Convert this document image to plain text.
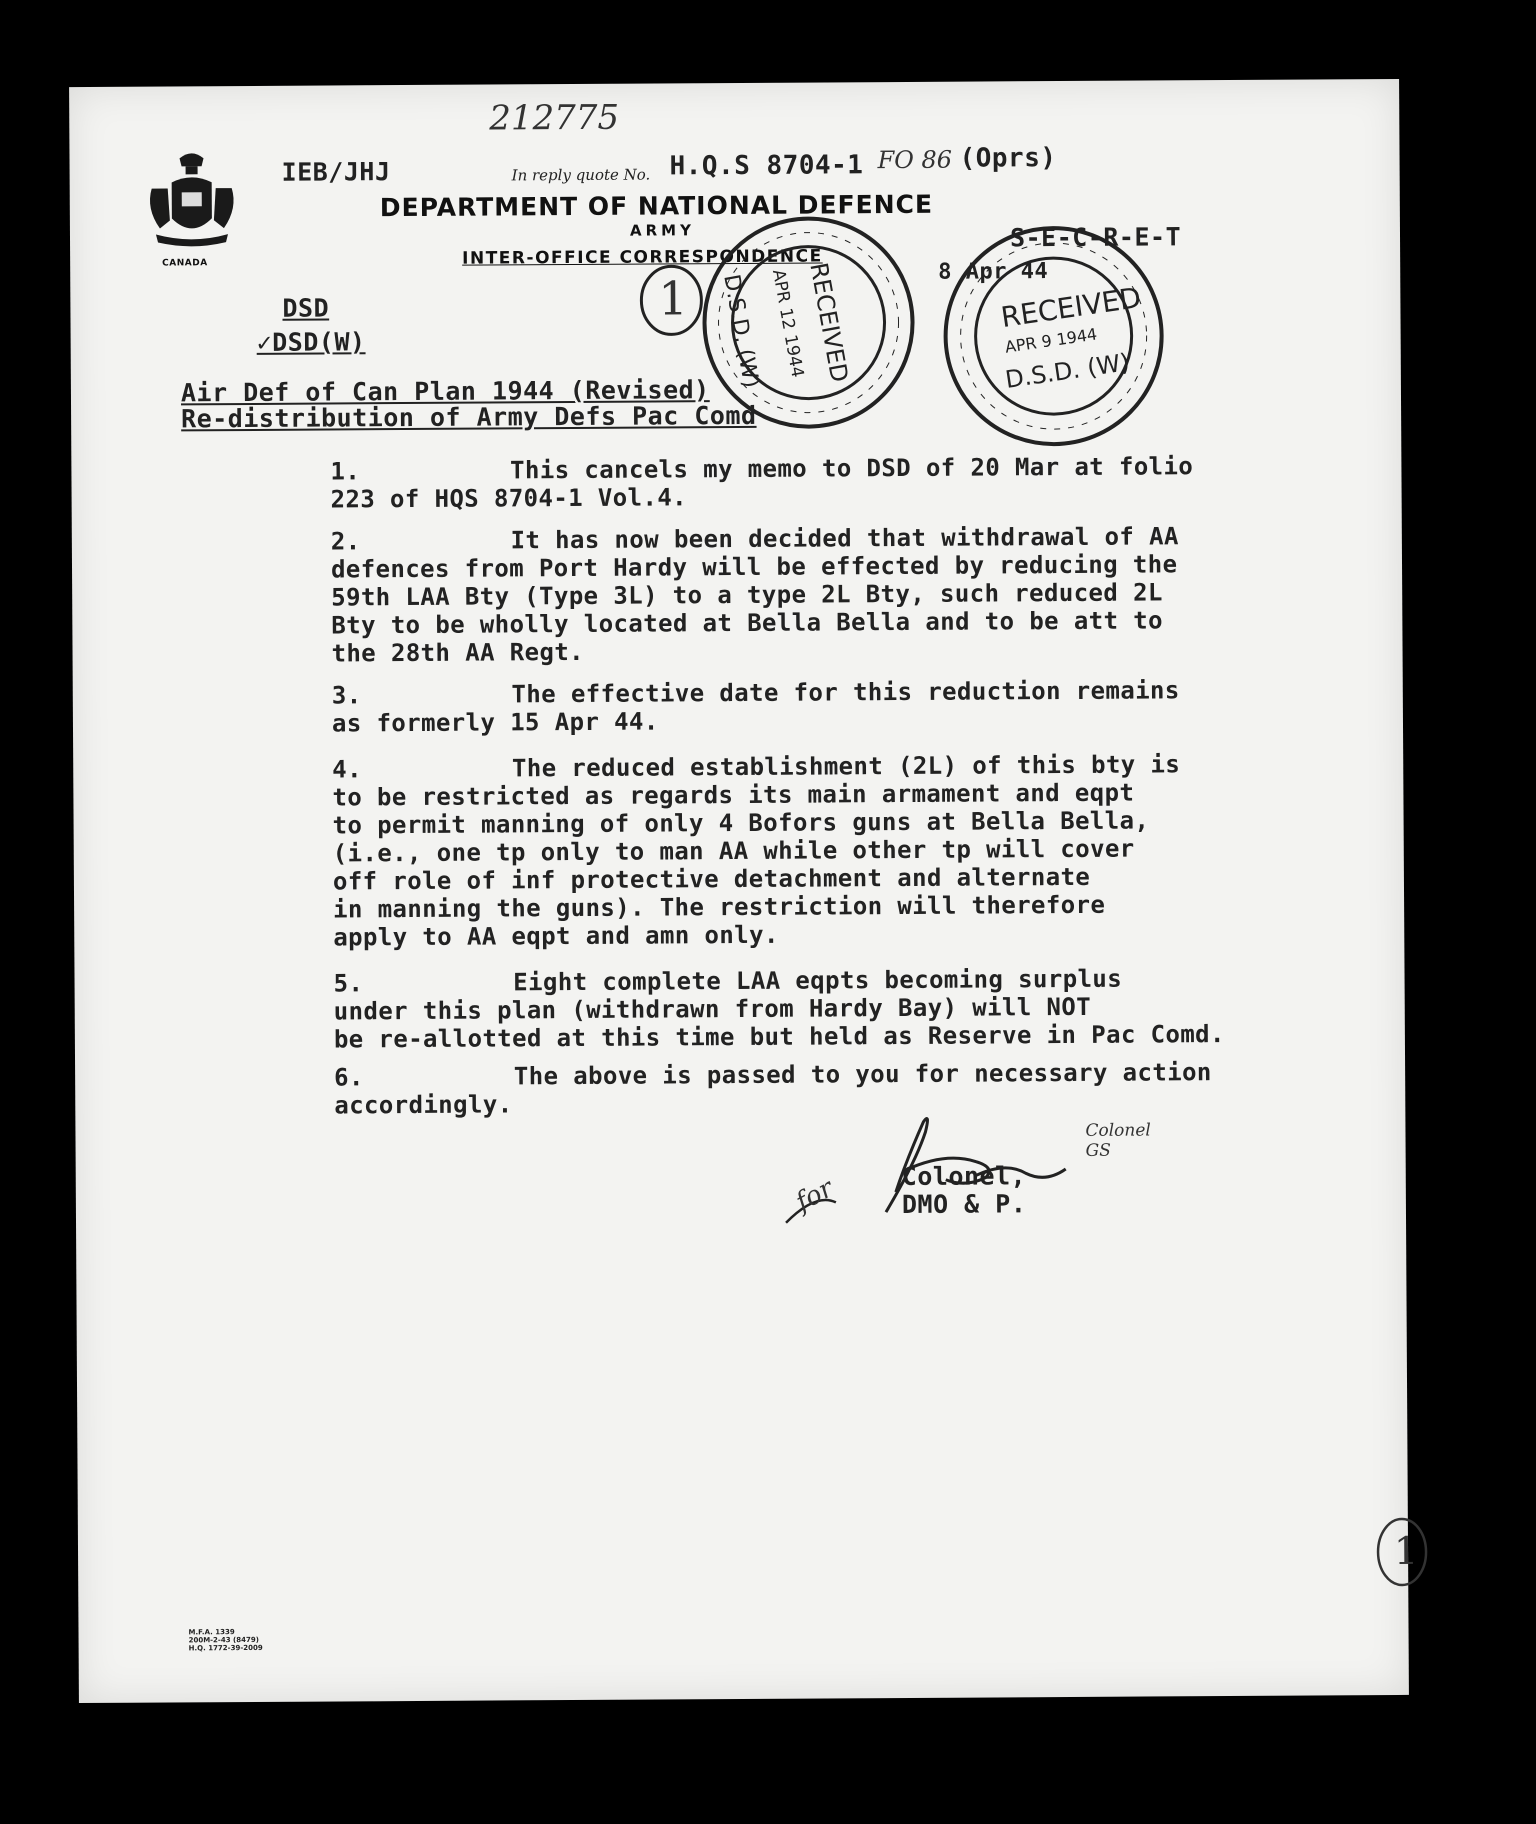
212775
CANADA
IEB/JHJ	In reply quote No. H.Q.S 8704-1 FO 86 (Oprs)
DEPARTMENT OF NATIONAL DEFENCE
ARMY
INTER-OFFICE CORRESPONDENCE
S-E-C-R-E-T
8 Apr 44
1
DSD
✓DSD(W)
Air Def of Can Plan 1944 (Revised)
Re-distribution of Army Defs Pac Comd
1.	This cancels my memo to DSD of 20 Mar at folio
223 of HQS 8704-1 Vol.4.
2.	It has now been decided that withdrawal of AA
defences from Port Hardy will be effected by reducing the
59th LAA Bty (Type 3L) to a type 2L Bty, such reduced 2L
Bty to be wholly located at Bella Bella and to be att to
the 28th AA Regt.
3.	The effective date for this reduction remains
as formerly 15 Apr 44.
4.	The reduced establishment (2L) of this bty is
to be restricted as regards its main armament and eqpt
to permit manning of only 4 Bofors guns at Bella Bella,
(i.e., one tp only to man AA while other tp will cover
off role of inf protective detachment and alternate
in manning the guns). The restriction will therefore
apply to AA eqpt and amn only.
5.	Eight complete LAA eqpts becoming surplus
under this plan (withdrawn from Hardy Bay) will NOT
be re-allotted at this time but held as Reserve in Pac Comd.
6.	The above is passed to you for necessary action
accordingly.
for
Colonel GS
Colonel,
DMO & P.
RECEIVED
APR 12 1944
D.S.D. (W)	RECEIVED
APR 9 1944
D.S.D. (W)
M.F.A. 1339
200M-2-43 (8479)
H.Q. 1772-39-2009
1
